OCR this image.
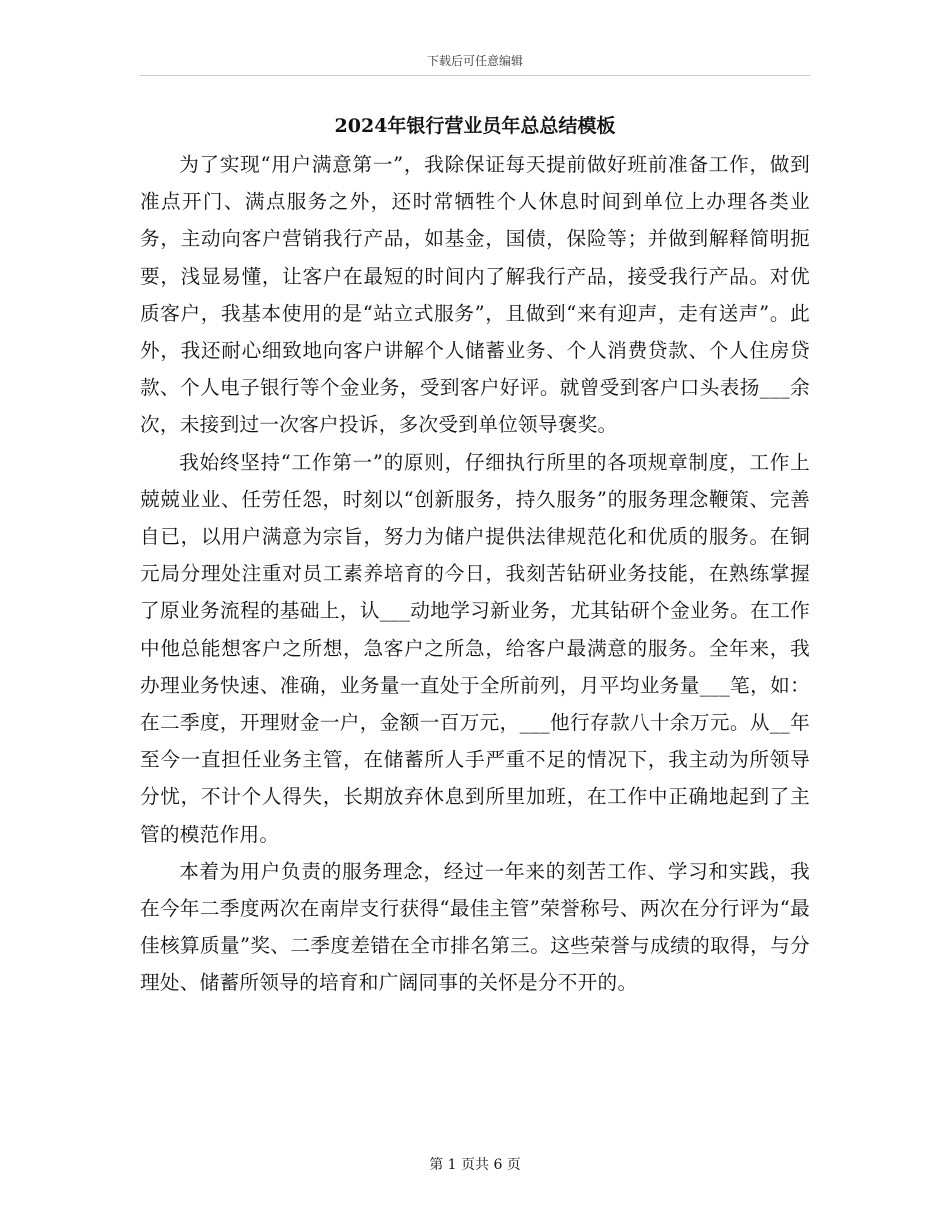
下载后可任意编辑
2024年银行营业员年总总结模板

为了实现“用户满意第一”，我除保证每天提前做好班前准备工作，做到准点开门、满点服务之外，还时常牺牲个人休息时间到单位上办理各类业务，主动向客户营销我行产品，如基金，国债，保险等；并做到解释简明扼要，浅显易懂，让客户在最短的时间内了解我行产品，接受我行产品。对优质客户，我基本使用的是“站立式服务”，且做到“来有迎声，走有送声”。此外，我还耐心细致地向客户讲解个人储蓄业务、个人消费贷款、个人住房贷款、个人电子银行等个金业务，受到客户好评。就曾受到客户口头表扬___余次，未接到过一次客户投诉，多次受到单位领导褒奖。

我始终坚持“工作第一”的原则，仔细执行所里的各项规章制度，工作上兢兢业业、任劳任怨，时刻以“创新服务，持久服务”的服务理念鞭策、完善自已，以用户满意为宗旨，努力为储户提供法律规范化和优质的服务。在铜元局分理处注重对员工素养培育的今日，我刻苦钻研业务技能，在熟练掌握了原业务流程的基础上，认___动地学习新业务，尤其钻研个金业务。在工作中他总能想客户之所想，急客户之所急，给客户最满意的服务。全年来，我办理业务快速、准确，业务量一直处于全所前列，月平均业务量___笔，如：在二季度，开理财金一户，金额一百万元，___他行存款八十余万元。从__年至今一直担任业务主管，在储蓄所人手严重不足的情况下，我主动为所领导分忧，不计个人得失，长期放弃休息到所里加班，在工作中正确地起到了主管的模范作用。

本着为用户负责的服务理念，经过一年来的刻苦工作、学习和实践，我在今年二季度两次在南岸支行获得“最佳主管”荣誉称号、两次在分行评为“最佳核算质量”奖、二季度差错在全市排名第三。这些荣誉与成绩的取得，与分理处、储蓄所领导的培育和广阔同事的关怀是分不开的。

第 1 页共 6 页
